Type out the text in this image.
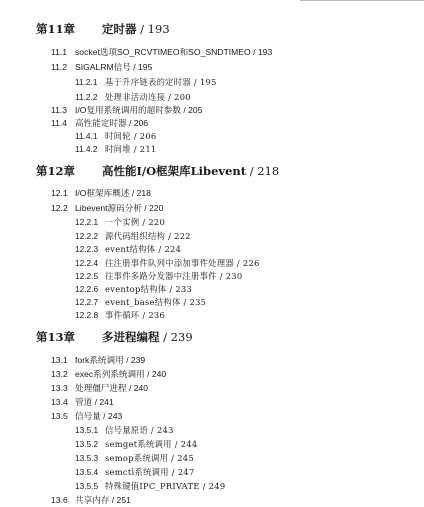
第11章 定时器 / 193
11.1 socket选项SO_RCVTIMEO和SO_SNDTIMEO / 193
11.2 SIGALRM信号 / 195
11.2.1 基于升序链表的定时器 / 195
11.2.2 处理非活动连接 / 200
11.3 I/O复用系统调用的超时参数 / 205
11.4 高性能定时器 / 206
11.4.1 时间轮 / 206
11.4.2 时间堆 / 211
第12章 高性能I/O框架库Libevent / 218
12.1 I/O框架库概述 / 218
12.2 Libevent源码分析 / 220
12.2.1 一个实例 / 220
12.2.2 源代码组织结构 / 222
12.2.3 event结构体 / 224
12.2.4 往注册事件队列中添加事件处理器 / 226
12.2.5 往事件多路分发器中注册事件 / 230
12.2.6 eventop结构体 / 233
12.2.7 event_base结构体 / 235
12.2.8 事件循环 / 236
第13章 多进程编程 / 239
13.1 fork系统调用 / 239
13.2 exec系列系统调用 / 240
13.3 处理僵尸进程 / 240
13.4 管道 / 241
13.5 信号量 / 243
13.5.1 信号量原语 / 243
13.5.2 semget系统调用 / 244
13.5.3 semop系统调用 / 245
13.5.4 semctl系统调用 / 247
13.5.5 特殊键值IPC_PRIVATE / 249
13.6 共享内存 / 251
